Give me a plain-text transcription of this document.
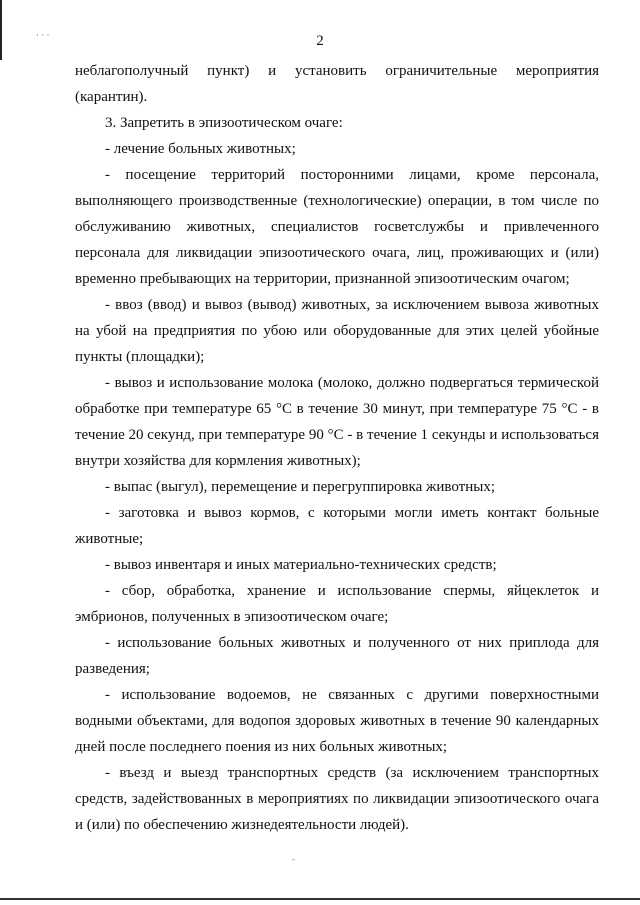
· · ·	2

неблагополучный пункт) и установить ограничительные мероприятия (карантин).

3. Запретить в эпизоотическом очаге:

- лечение больных животных;

- посещение территорий посторонними лицами, кроме персонала, выполняющего производственные (технологические) операции, в том числе по обслуживанию животных, специалистов госветслужбы и привлеченного персонала для ликвидации эпизоотического очага, лиц, проживающих и (или) временно пребывающих на территории, признанной эпизоотическим очагом;

- ввоз (ввод) и вывоз (вывод) животных, за исключением вывоза животных на убой на предприятия по убою или оборудованные для этих целей убойные пункты (площадки);

- вывоз и использование молока (молоко, должно подвергаться термической обработке при температуре 65 °С в течение 30 минут, при температуре 75 °С - в течение 20 секунд, при температуре 90 °С - в течение 1 секунды и использоваться внутри хозяйства для кормления животных);

- выпас (выгул), перемещение и перегруппировка животных;

- заготовка и вывоз кормов, с которыми могли иметь контакт больные животные;

- вывоз инвентаря и иных материально-технических средств;

- сбор, обработка, хранение и использование спермы, яйцеклеток и эмбрионов, полученных в эпизоотическом очаге;

- использование больных животных и полученного от них приплода для разведения;

- использование водоемов, не связанных с другими поверхностными водными объектами, для водопоя здоровых животных в течение 90 календарных дней после последнего поения из них больных животных;

- въезд и выезд транспортных средств (за исключением транспортных средств, задействованных в мероприятиях по ликвидации эпизоотического очага и (или) по обеспечению жизнедеятельности людей).

-
